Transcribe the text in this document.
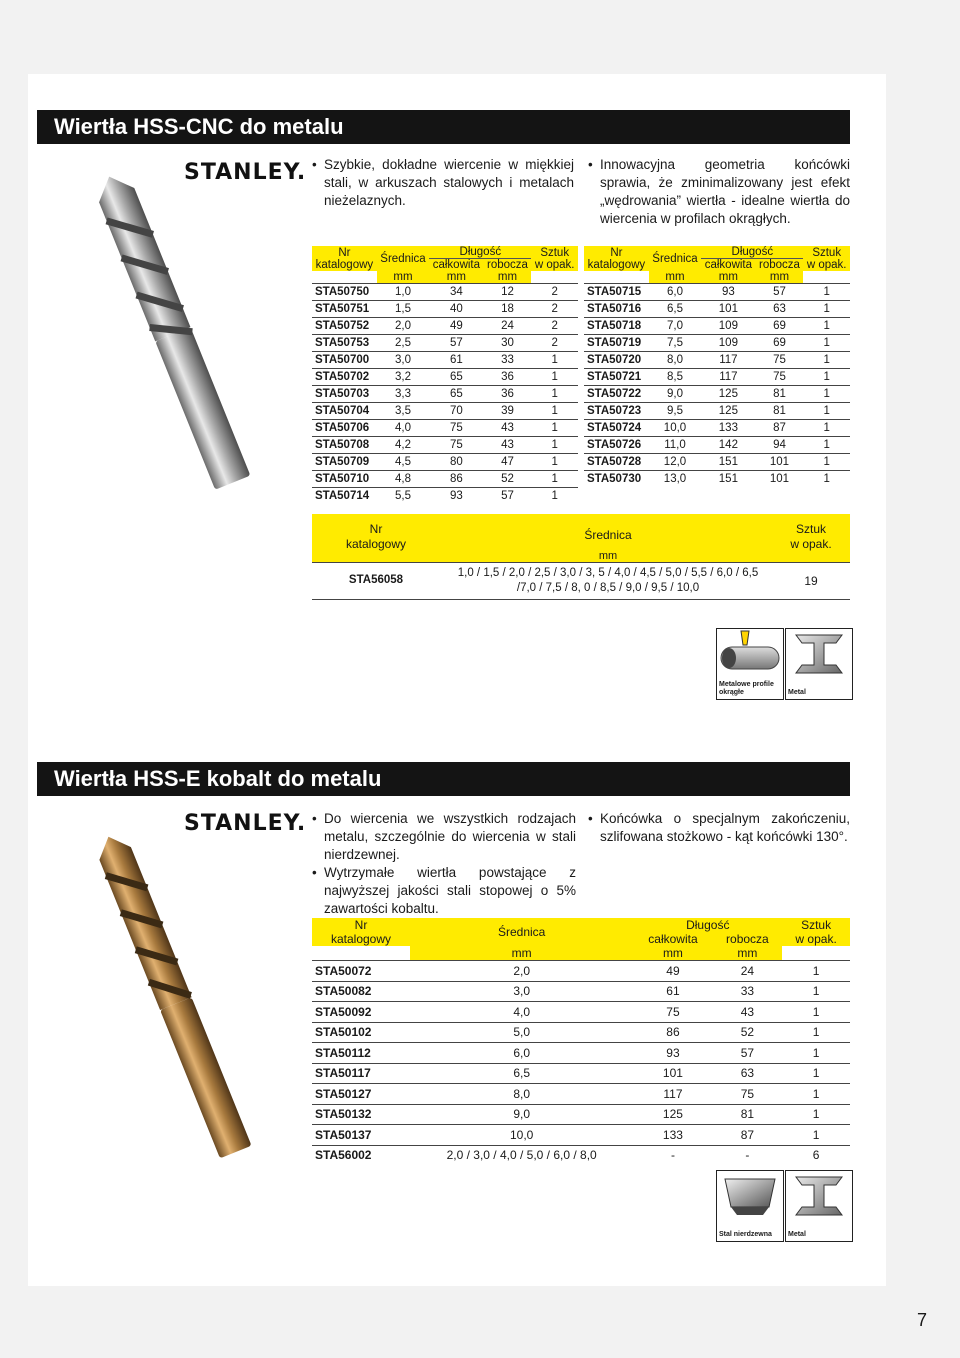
Wiertła HSS-CNC do metalu
STANLEY.	• Szybkie, dokładne wiercenie w miękkiej stali, w arkuszach stalowych i metalach nieżelaznych.
• Innowacyjna geometria końcówki sprawia, że zminimalizowany jest efekt „wędrowania” wiertła - idealne wiertła do wiercenia w profilach okrągłych.
Nr
katalogowy	Średnica	Długość		Sztuk
w opak.
		całkowita	robocza	
	mm	mm	mm	
STA50750	1,0	34	12	2
STA50751	1,5	40	18	2
STA50752	2,0	49	24	2
STA50753	2,5	57	30	2
STA50700	3,0	61	33	1
STA50702	3,2	65	36	1
STA50703	3,3	65	36	1
STA50704	3,5	70	39	1
STA50706	4,0	75	43	1
STA50708	4,2	75	43	1
STA50709	4,5	80	47	1
STA50710	4,8	86	52	1
STA50714	5,5	93	57	1
Nr
katalogowy	Średnica	Długość		Sztuk
w opak.
		całkowita	robocza	
	mm	mm	mm	
STA50715	6,0	93	57	1
STA50716	6,5	101	63	1
STA50718	7,0	109	69	1
STA50719	7,5	109	69	1
STA50720	8,0	117	75	1
STA50721	8,5	117	75	1
STA50722	9,0	125	81	1
STA50723	9,5	125	81	1
STA50724	10,0	133	87	1
STA50726	11,0	142	94	1
STA50728	12,0	151	101	1
STA50730	13,0	151	101	1
Nr
katalogowy
Średnica	Sztuk
w opak.
mm
STA56058
1,0 / 1,5 / 2,0 / 2,5 / 3,0 / 3, 5 / 4,0 / 4,5 / 5,0 / 5,5 / 6,0 / 6,5
/7,0 / 7,5 / 8, 0 / 8,5 / 9,0 / 9,5 / 10,0	19
Metalowe profile okrągłe	Metal
Wiertła HSS-E kobalt do metalu
STANLEY.	• Do wiercenia we wszystkich rodzajach metalu, szczególnie do wiercenia w stali nierdzewnej.
• Wytrzymałe wiertła powstające z najwyższej jakości stali stopowej o 5% zawartości kobaltu.
• Końcówka o specjalnym zakończeniu, szlifowana stożkowo - kąt końcówki 130°.
Nr
katalogowy	Średnica	Długość		Sztuk
w opak.
		całkowita	robocza	
	mm	mm	mm	
STA50072	2,0	49	24	1
STA50082	3,0	61	33	1
STA50092	4,0	75	43	1
STA50102	5,0	86	52	1
STA50112	6,0	93	57	1
STA50117	6,5	101	63	1
STA50127	8,0	117	75	1
STA50132	9,0	125	81	1
STA50137	10,0	133	87	1
STA56002	2,0 / 3,0 / 4,0 / 5,0 / 6,0 / 8,0	-	-	6
Stal nierdzewna Metal
7
